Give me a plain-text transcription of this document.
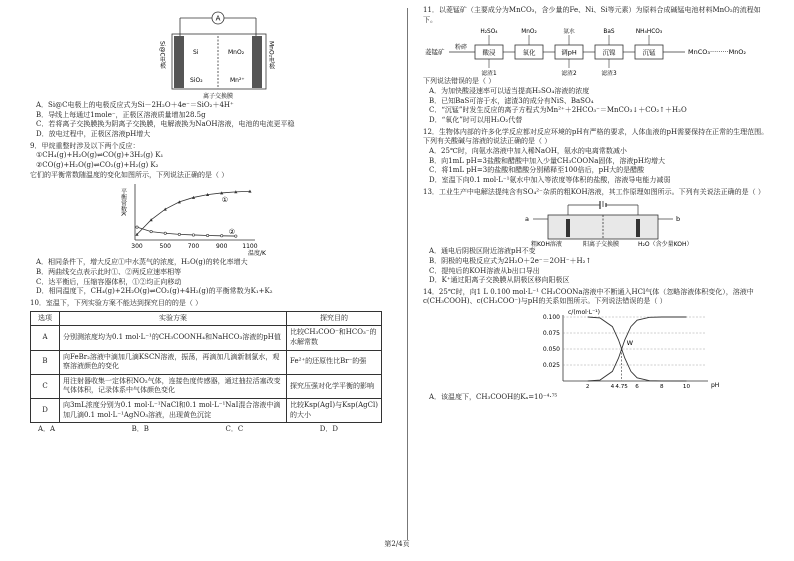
A
Si
SiO₂
MnO₂
Mn²⁺
Si@C电极	MnO₂电极
离子交换膜

A．Si@C电极上的电极反应式为Si－2H₂O＋4e⁻＝SiO₂＋4H⁺

B．导线上每通过1mole⁻，正极区溶液质量增加28.5g

C．若将离子交换膜换为阴离子交换膜，电解液换为NaOH溶液，电池的电流更平稳

D．放电过程中，正极区溶液pH增大

9．甲烷重整时涉及以下两个反应：

①CH₄(g)+H₂O(g)⇌CO(g)+3H₂(g) K₁

②CO(g)+H₂O(g)⇌CO₂(g)+H₂(g) K₂

它们的平衡常数随温度的变化如图所示，下列说法正确的是（ ）

平衡常数K
温度/K
300	500	700	900 1100
①
②

A．相同条件下，增大反应①中水蒸气的浓度，H₂O(g)的转化率增大

B．两曲线交点表示此时①、②两反应速率相等

C．达平衡后，压缩容器体积，①②均正向移动

D．相同温度下，CH₄(g)+2H₂O(g)⇌CO₂(g)+4H₂(g)的平衡常数为K₁+K₂

10．室温下，下列实验方案不能达到探究目的的是（ ）

选项	实验方案	探究目的
A	分别测浓度均为0.1 mol·L⁻¹的CH₃COONH₄和NaHCO₃溶液的pH值	比较CH₃COO⁻和HCO₃⁻的水解常数
B	向FeBr₂溶液中滴加几滴KSCN溶液，振荡，再滴加几滴新制氯水，观察溶液颜色的变化	Fe²⁺的还原性比Br⁻的强
C	用注射器收集一定体积NO₂气体，连接色度传感器，通过抽拉活塞改变气体体积，记录体系中气体颜色变化	探究压强对化学平衡的影响
D	向3mL浓度分别为0.1 mol·L⁻¹NaCl和0.1 mol·L⁻¹NaI混合溶液中滴加几滴0.1 mol·L⁻¹AgNO₃溶液，出现黄色沉淀	比较Ksp(AgI)与Ksp(AgCl)的大小
A．A	B．B	C．C	D．D

11．以菱锰矿（主要成分为MnCO₃，含少量的Fe、Ni、Si等元素）为原料合成碱锰电池材料MnO₂的流程如下。

菱锰矿
粉碎
酸浸
H₂SO₄
氧化
MnO₂
调pH
氨水
沉镍
BaS
沉锰
NH₄HCO₃
滤渣1	滤渣2	滤渣3
MnCO₃·········MnO₂

下列说法错误的是（ ）

A．为加快酸浸速率可以适当提高H₂SO₄溶液的浓度

B．已知BaS可溶于水，滤渣3的成分有NiS、BaSO₄

C．“沉锰”时发生反应的离子方程式为Mn²⁺＋2HCO₃⁻＝MnCO₃↓＋CO₂↑＋H₂O

D．“氧化”时可以用H₂O₂代替

12．生物体内部的许多化学反应都对反应环境的pH有严格的要求，人体血液的pH需要保持在正常的生理范围。下列有关酸碱与溶液的说法正确的是（ ）

A．25℃时，向氨水溶液中加入稀NaOH，氨水的电离常数减小

B．向1mL pH=3盐酸和醋酸中加入少量CH₃COONa固体，溶液pH均增大

C．将1mL pH=3的盐酸和醋酸分别稀释至100倍后，pH大的是醋酸

D．室温下向0.1 mol·L⁻¹氨水中加入等浓度等体积的盐酸，溶液导电能力减弱

13．工业生产中电解法提纯含有SO₄²⁻杂质的粗KOH溶液，其工作原理如图所示。下列有关说法正确的是（ ）

a	b
粗KOH溶液	阳离子交换膜	H₂O（含少量KOH）

A．通电后阴极区附近溶液pH不变

B．阴极的电极反应式为2H₂O＋2e⁻＝2OH⁻＋H₂↑

C．提纯后的KOH溶液从b出口导出

D．K⁺通过阳离子交换膜从阴极区移向阳极区

14．25℃时，向1 L 0.100 mol·L⁻¹ CH₃COONa溶液中不断通入HCl气体（忽略溶液体积变化），溶液中c(CH₃COOH)、c(CH₃COO⁻)与pH的关系如图所示。下列说法错误的是（ ）

c/(mol·L⁻¹)
pH
0.100
0.075
0.050
0.025
2	4 4.75 6	8	10
W

A．该温度下，CH₃COOH的Kₐ=10⁻⁴·⁷⁵

第2/4页
